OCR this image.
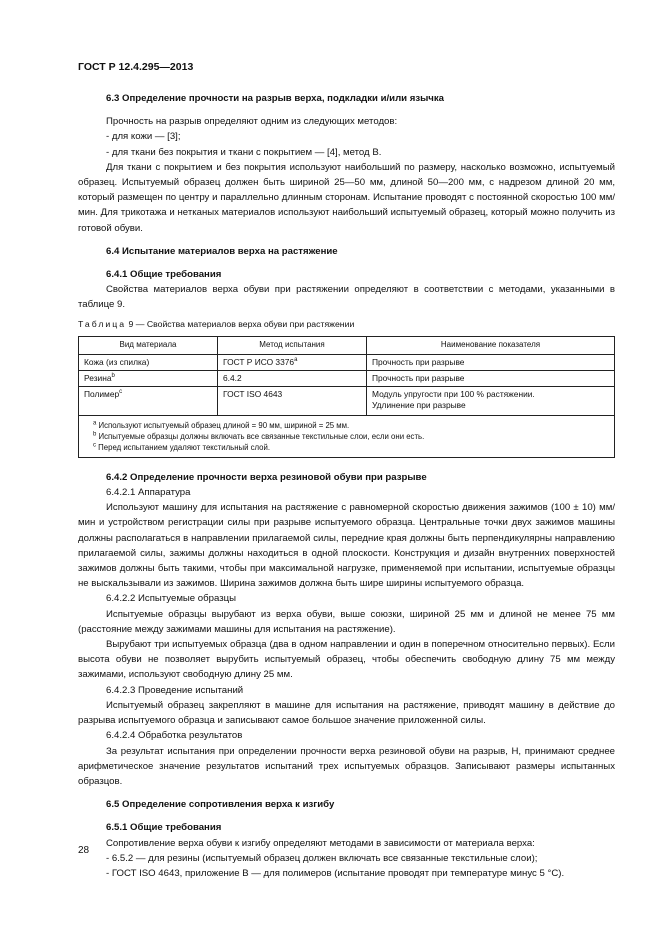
ГОСТ Р 12.4.295—2013
6.3 Определение прочности на разрыв верха, подкладки и/или язычка
Прочность на разрыв определяют одним из следующих методов:
- для кожи — [3];
- для ткани без покрытия и ткани с покрытием — [4], метод В.
Для ткани с покрытием и без покрытия используют наибольший по размеру, насколько возможно, испытуемый образец. Испытуемый образец должен быть шириной 25—50 мм, длиной 50—200 мм, с надрезом длиной 20 мм, который размещен по центру и параллельно длинным сторонам. Испытание проводят с постоянной скоростью 100 мм/мин. Для трикотажа и нетканых материалов используют наибольший испытуемый образец, который можно получить из готовой обуви.
6.4 Испытание материалов верха на растяжение
6.4.1 Общие требования
Свойства материалов верха обуви при растяжении определяют в соответствии с методами, указанными в таблице 9.
Таблица 9 — Свойства материалов верха обуви при растяжении
Вид материала	Метод испытания	Наименование показателя
Кожа (из спилка)	ГОСТ Р ИСО 3376$^a$	Прочность при разрыве
Резина$^b$	6.4.2	Прочность при разрыве
Полимер$^c$	ГОСТ ISO 4643	Модуль упругости при 100 % растяжении.
Удлинение при разрыве

$^a$ Используют испытуемый образец длиной = 90 мм, шириной = 25 мм.
$^b$ Испытуемые образцы должны включать все связанные текстильные слои, если они есть.
$^c$ Перед испытанием удаляют текстильный слой.		
6.4.2 Определение прочности верха резиновой обуви при разрыве
6.4.2.1 Аппаратура
Используют машину для испытания на растяжение с равномерной скоростью движения зажимов (100 ± 10) мм/мин и устройством регистрации силы при разрыве испытуемого образца. Центральные точки двух зажимов машины должны располагаться в направлении прилагаемой силы, передние края должны быть перпендикулярны направлению прилагаемой силы, зажимы должны находиться в одной плоскости. Конструкция и дизайн внутренних поверхностей зажимов должны быть такими, чтобы при максимальной нагрузке, применяемой при испытании, испытуемые образцы не выскальзывали из зажимов. Ширина зажимов должна быть шире ширины испытуемого образца.
6.4.2.2 Испытуемые образцы
Испытуемые образцы вырубают из верха обуви, выше союзки, шириной 25 мм и длиной не менее 75 мм (расстояние между зажимами машины для испытания на растяжение).
Вырубают три испытуемых образца (два в одном направлении и один в поперечном относительно первых). Если высота обуви не позволяет вырубить испытуемый образец, чтобы обеспечить свободную длину 75 мм между зажимами, используют свободную длину 25 мм.
6.4.2.3 Проведение испытаний
Испытуемый образец закрепляют в машине для испытания на растяжение, приводят машину в действие до разрыва испытуемого образца и записывают самое большое значение приложенной силы.
6.4.2.4 Обработка результатов
За результат испытания при определении прочности верха резиновой обуви на разрыв, Н, принимают среднее арифметическое значение результатов испытаний трех испытуемых образцов. Записывают размеры испытанных образцов.
6.5 Определение сопротивления верха к изгибу
6.5.1 Общие требования
Сопротивление верха обуви к изгибу определяют методами в зависимости от материала верха:
- 6.5.2 — для резины (испытуемый образец должен включать все связанные текстильные слои);
- ГОСТ ISO 4643, приложение В — для полимеров (испытание проводят при температуре минус 5 °С).
28
